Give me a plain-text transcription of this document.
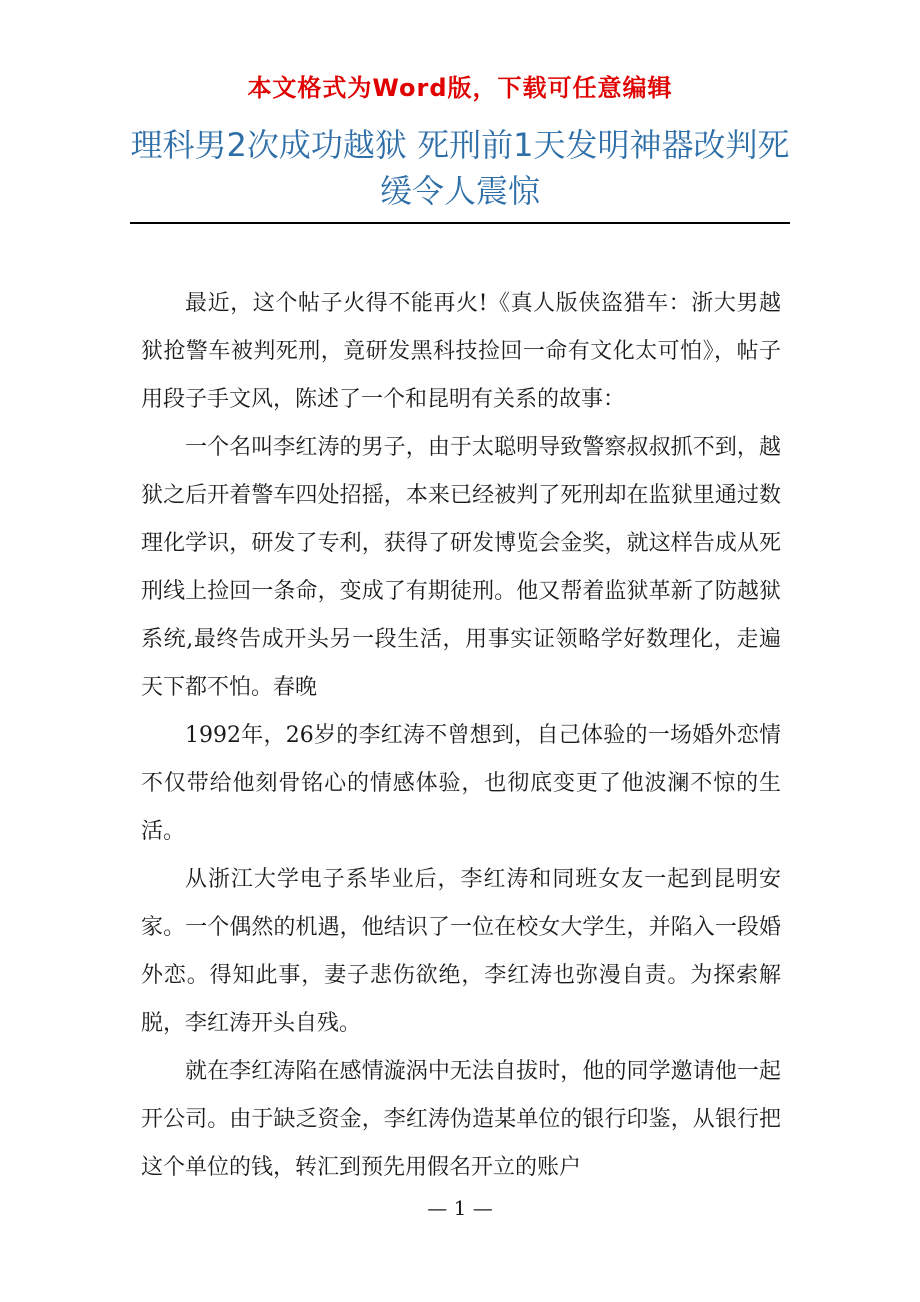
本文格式为Word版，下载可任意编辑
理科男2次成功越狱 死刑前1天发明神器改判死缓令人震惊

最近，这个帖子火得不能再火!《真人版侠盗猎车：浙大男越狱抢警车被判死刑，竟研发黑科技捡回一命有文化太可怕》，帖子用段子手文风，陈述了一个和昆明有关系的故事：

一个名叫李红涛的男子，由于太聪明导致警察叔叔抓不到，越狱之后开着警车四处招摇，本来已经被判了死刑却在监狱里通过数理化学识，研发了专利，获得了研发博览会金奖，就这样告成从死刑线上捡回一条命，变成了有期徒刑。他又帮着监狱革新了防越狱系统,最终告成开头另一段生活，用事实证领略学好数理化，走遍天下都不怕。春晚

1992年，26岁的李红涛不曾想到，自己体验的一场婚外恋情不仅带给他刻骨铭心的情感体验，也彻底变更了他波澜不惊的生活。

从浙江大学电子系毕业后，李红涛和同班女友一起到昆明安家。一个偶然的机遇，他结识了一位在校女大学生，并陷入一段婚外恋。得知此事，妻子悲伤欲绝，李红涛也弥漫自责。为探索解脱，李红涛开头自残。

就在李红涛陷在感情漩涡中无法自拔时，他的同学邀请他一起开公司。由于缺乏资金，李红涛伪造某单位的银行印鉴，从银行把这个单位的钱，转汇到预先用假名开立的账户

— 1 —
